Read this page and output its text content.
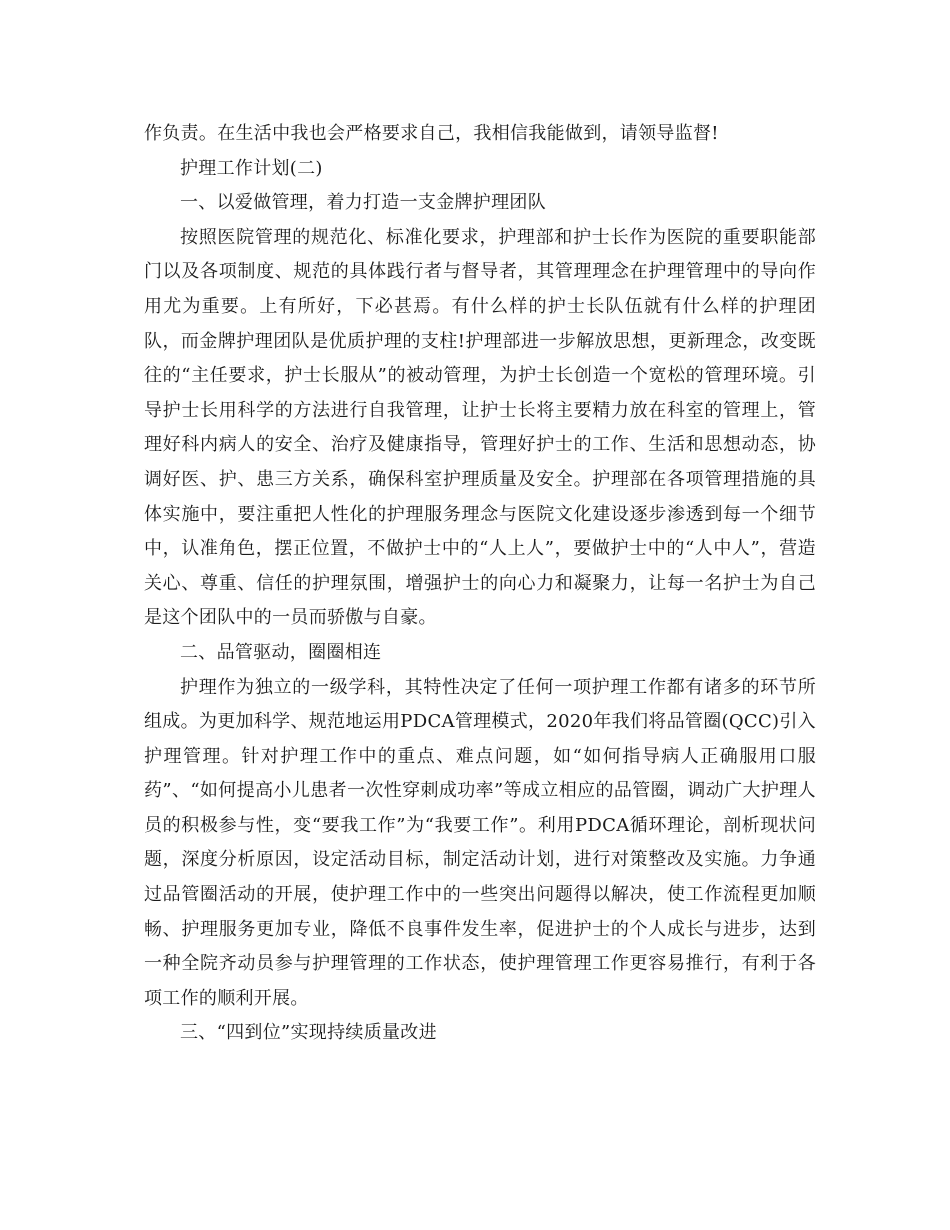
作负责。在生活中我也会严格要求自己，我相信我能做到，请领导监督!

护理工作计划(二)

一、以爱做管理，着力打造一支金牌护理团队

按照医院管理的规范化、标准化要求，护理部和护士长作为医院的重要职能部门以及各项制度、规范的具体践行者与督导者，其管理理念在护理管理中的导向作用尤为重要。上有所好，下必甚焉。有什么样的护士长队伍就有什么样的护理团队，而金牌护理团队是优质护理的支柱!护理部进一步解放思想，更新理念，改变既往的“主任要求，护士长服从”的被动管理，为护士长创造一个宽松的管理环境。引导护士长用科学的方法进行自我管理，让护士长将主要精力放在科室的管理上，管理好科内病人的安全、治疗及健康指导，管理好护士的工作、生活和思想动态，协调好医、护、患三方关系，确保科室护理质量及安全。护理部在各项管理措施的具体实施中，要注重把人性化的护理服务理念与医院文化建设逐步渗透到每一个细节中，认准角色，摆正位置，不做护士中的“人上人”，要做护士中的“人中人”，营造关心、尊重、信任的护理氛围，增强护士的向心力和凝聚力，让每一名护士为自己是这个团队中的一员而骄傲与自豪。

二、品管驱动，圈圈相连

护理作为独立的一级学科，其特性决定了任何一项护理工作都有诸多的环节所组成。为更加科学、规范地运用PDCA管理模式，2020年我们将品管圈(QCC)引入护理管理。针对护理工作中的重点、难点问题，如“如何指导病人正确服用口服药”、“如何提高小儿患者一次性穿刺成功率”等成立相应的品管圈，调动广大护理人员的积极参与性，变“要我工作”为“我要工作”。利用PDCA循环理论，剖析现状问题，深度分析原因，设定活动目标，制定活动计划，进行对策整改及实施。力争通过品管圈活动的开展，使护理工作中的一些突出问题得以解决，使工作流程更加顺畅、护理服务更加专业，降低不良事件发生率，促进护士的个人成长与进步，达到一种全院齐动员参与护理管理的工作状态，使护理管理工作更容易推行，有利于各项工作的顺利开展。

三、“四到位”实现持续质量改进
